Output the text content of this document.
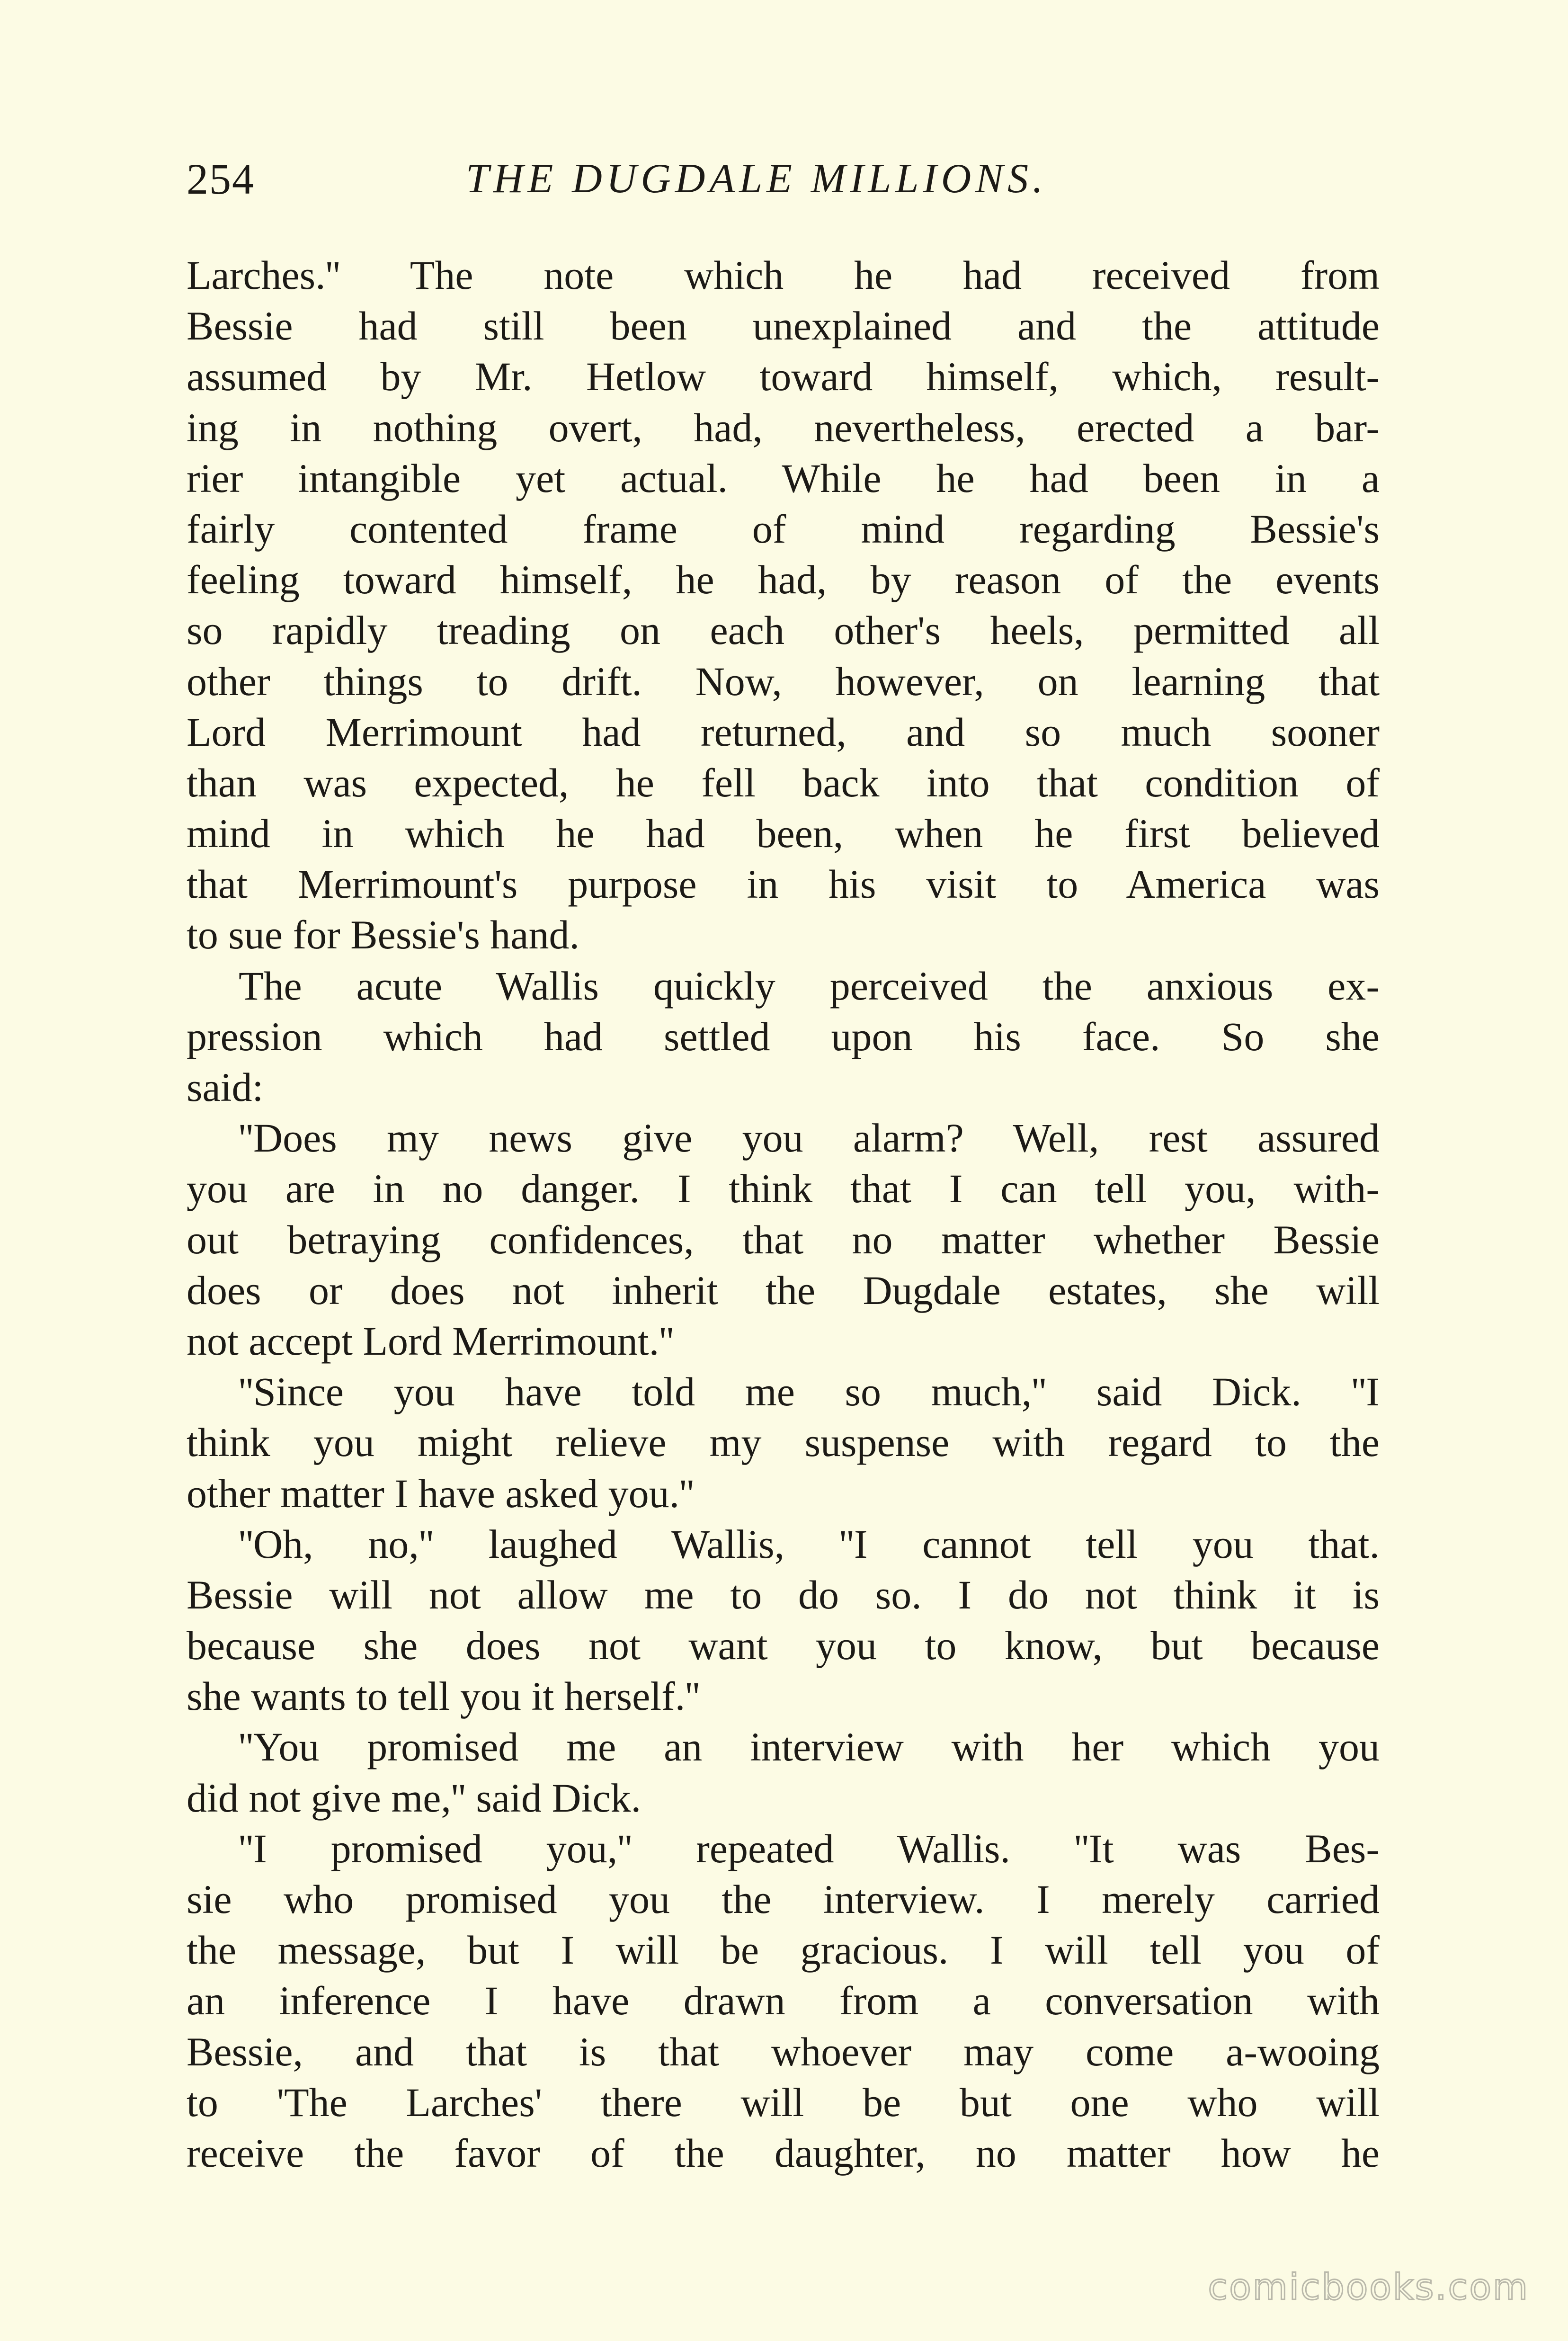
254	THE DUGDALE MILLIONS.
Larches.'' The note which he had received from
Bessie had still been unexplained and the attitude
assumed by Mr. Hetlow toward himself, which, result-
ing in nothing overt, had, nevertheless, erected a bar-
rier intangible yet actual. While he had been in a
fairly contented frame of mind regarding Bessie's
feeling toward himself, he had, by reason of the events
so rapidly treading on each other's heels, permitted all
other things to drift. Now, however, on learning that
Lord Merrimount had returned, and so much sooner
than was expected, he fell back into that condition of
mind in which he had been, when he first believed
that Merrimount's purpose in his visit to America was
to sue for Bessie's hand.
The acute Wallis quickly perceived the anxious ex-
pression which had settled upon his face. So she
said:
''Does my news give you alarm? Well, rest assured
you are in no danger. I think that I can tell you, with-
out betraying confidences, that no matter whether Bessie
does or does not inherit the Dugdale estates, she will
not accept Lord Merrimount.''
''Since you have told me so much,'' said Dick. ''I
think you might relieve my suspense with regard to the
other matter I have asked you.''
''Oh, no,'' laughed Wallis, ''I cannot tell you that.
Bessie will not allow me to do so. I do not think it is
because she does not want you to know, but because
she wants to tell you it herself.''
''You promised me an interview with her which you
did not give me,'' said Dick.
''I promised you,'' repeated Wallis. ''It was Bes-
sie who promised you the interview. I merely carried
the message, but I will be gracious. I will tell you of
an inference I have drawn from a conversation with
Bessie, and that is that whoever may come a-wooing
to 'The Larches' there will be but one who will
receive the favor of the daughter, no matter how he
comicbooks.com
